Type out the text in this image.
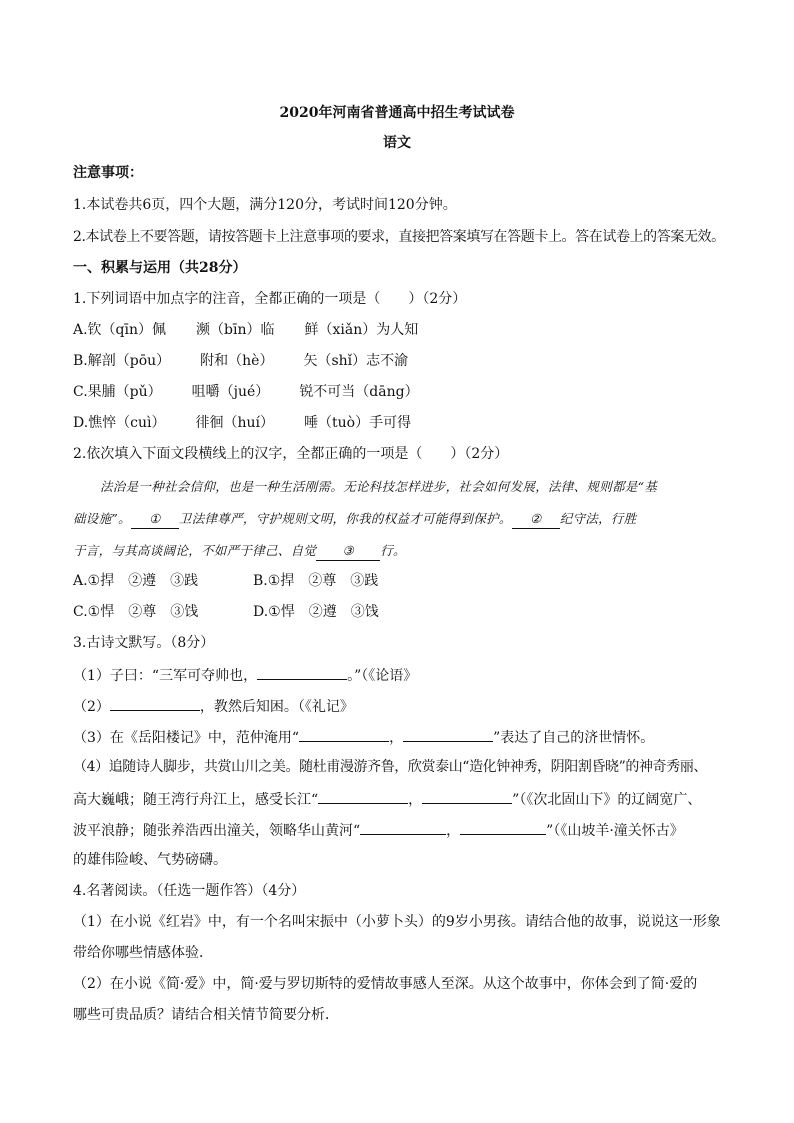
2020年河南省普通高中招生考试试卷
语文
注意事项：
1.本试卷共6页，四个大题，满分120分，考试时间120分钟。
2.本试卷上不要答题，请按答题卡上注意事项的要求，直接把答案填写在答题卡上。答在试卷上的答案无效。
一、积累与运用（共28分）
1.下列词语中加点字的注音，全都正确的一项是（　　）（2分）
A.钦（qīn）佩 濒（bīn）临 鲜（xiǎn）为人知
B.解剖（pōu） 附和（hè） 矢（shǐ）志不渝
C.果脯（pǔ） 咀嚼（jué） 锐不可当（dāng）
D.憔悴（cuì） 徘徊（huí） 唾（tuò）手可得
2.依次填入下面文段横线上的汉字，全都正确的一项是（　　）（2分）
法治是一种社会信仰，也是一种生活刚需。无论科技怎样进步，社会如何发展，法律、规则都是“基
础设施”。 ① 卫法律尊严，守护规则文明，你我的权益才可能得到保护。 ② 纪守法，行胜
于言，与其高谈阔论，不如严于律己、自觉 ③ 行。
A.①捍 ②遵 ③践	B.①捍 ②尊 ③践
C.①悍 ②尊 ③饯	D.①悍 ②遵 ③饯
3.古诗文默写。（8分）
（1）子曰：“三军可夺帅也，	。”（《论语》
（2）	，教然后知困。（《礼记》
（3）在《岳阳楼记》中，范仲淹用“	，	”表达了自己的济世情怀。
（4）追随诗人脚步，共赏山川之美。随杜甫漫游齐鲁，欣赏泰山“造化钟神秀，阴阳割昏晓”的神奇秀丽、
高大巍峨；随王湾行舟江上，感受长江“	，	”（《次北固山下》的辽阔宽广、
波平浪静；随张养浩西出潼关，领略华山黄河“	，	”（《山坡羊·潼关怀古》
的雄伟险峻、气势磅礴。
4.名著阅读。（任选一题作答）（4分）
（1）在小说《红岩》中，有一个名叫宋振中（小萝卜头）的9岁小男孩。请结合他的故事，说说这一形象
带给你哪些情感体验．
（2）在小说《简·爱》中，简·爱与罗切斯特的爱情故事感人至深。从这个故事中，你体会到了简·爱的
哪些可贵品质？请结合相关情节简要分析．
